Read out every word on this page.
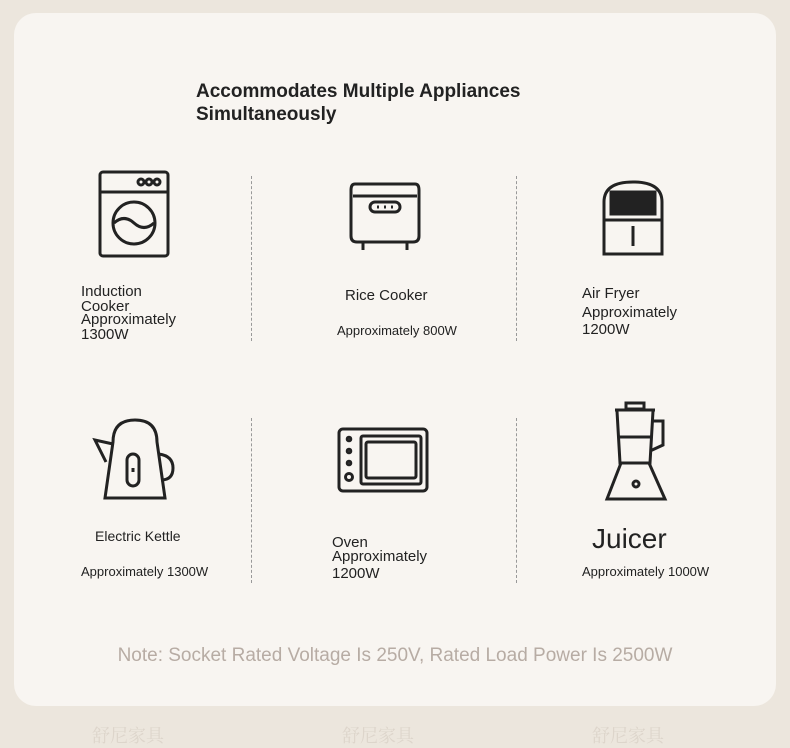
Accommodates Multiple Appliances Simultaneously
Induction Cooker
Approximately 1300W
Rice Cooker
Approximately 800W
Air Fryer
Approximately 1200W
Electric Kettle
Approximately 1300W
Oven
Approximately 1200W
Juicer
Approximately 1000W
Note: Socket Rated Voltage Is 250V, Rated Load Power Is 2500W
舒尼家具	舒尼家具	舒尼家具
